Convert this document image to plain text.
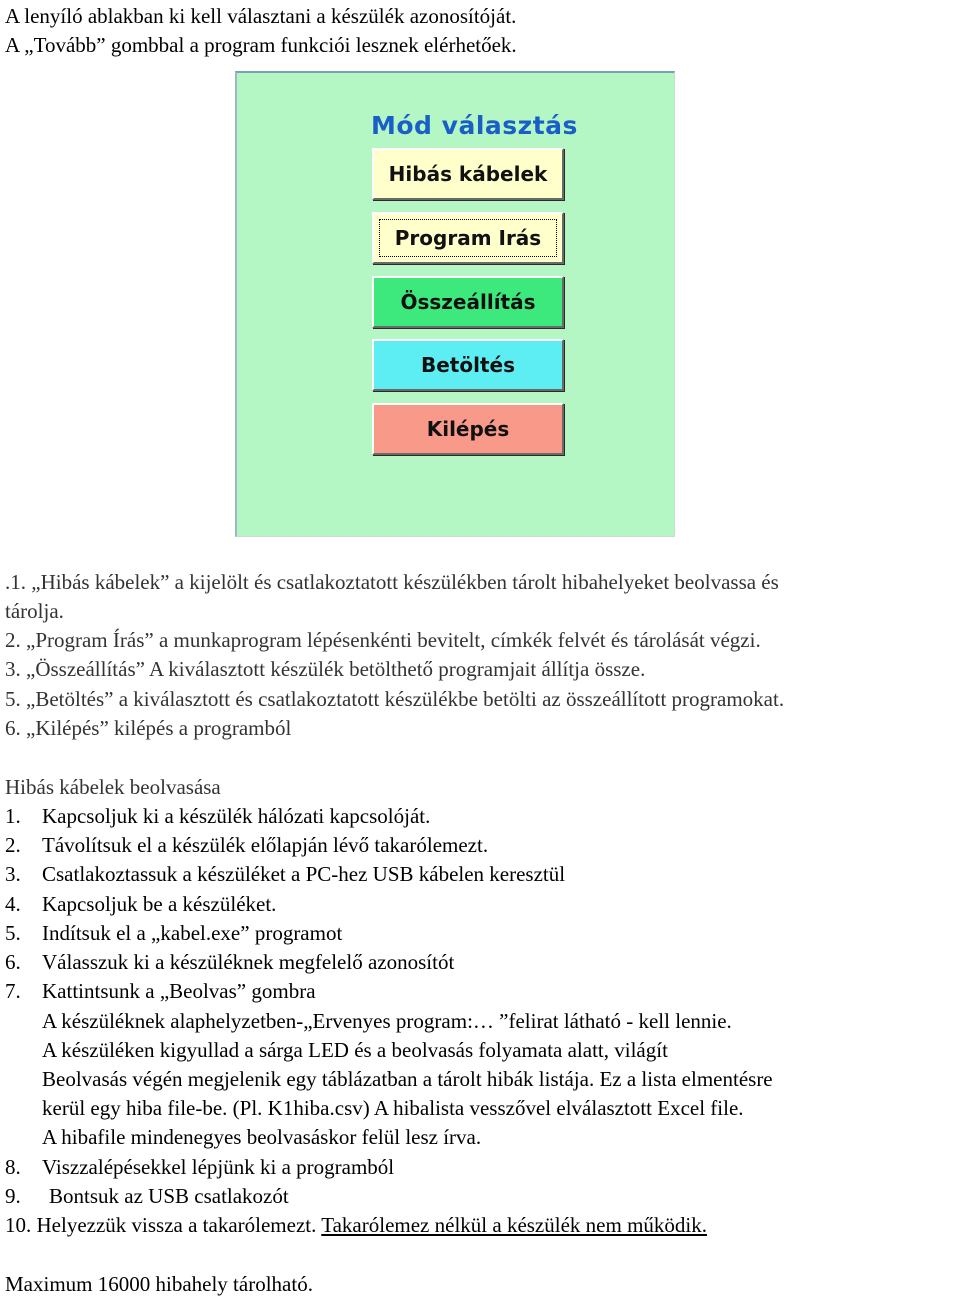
A lenyíló ablakban ki kell választani a készülék azonosítóját.
A „Tovább” gombbal a program funkciói lesznek elérhetőek.
Mód választás
Hibás kábelek
Program Irás
Összeállítás
Betöltés
Kilépés
.1. „Hibás kábelek” a kijelölt és csatlakoztatott készülékben tárolt hibahelyeket beolvassa és
tárolja.
2. „Program Írás” a munkaprogram lépésenkénti bevitelt, címkék felvét és tárolását végzi.
3. „Összeállítás” A kiválasztott készülék betölthető programjait állítja össze.
5. „Betöltés” a kiválasztott és csatlakoztatott készülékbe betölti az összeállított programokat.
6. „Kilépés” kilépés a programból
Hibás kábelek beolvasása
1. Kapcsoljuk ki a készülék hálózati kapcsolóját.
2. Távolítsuk el a készülék előlapján lévő takarólemezt.
3. Csatlakoztassuk a készüléket a PC-hez USB kábelen keresztül
4. Kapcsoljuk be a készüléket.
5. Indítsuk el a „kabel.exe” programot
6. Válasszuk ki a készüléknek megfelelő azonosítót
7. Kattintsunk a „Beolvas” gombra
A készüléknek alaphelyzetben-„Ervenyes program:… ”felirat látható - kell lennie.
A készüléken kigyullad a sárga LED és a beolvasás folyamata alatt, világít
Beolvasás végén megjelenik egy táblázatban a tárolt hibák listája. Ez a lista elmentésre
kerül egy hiba file-be. (Pl. K1hiba.csv) A hibalista vesszővel elválasztott Excel file.
A hibafile mindenegyes beolvasáskor felül lesz írva.
8. Viszzalépésekkel lépjünk ki a programból
9. Bontsuk az USB csatlakozót
10. Helyezzük vissza a takarólemezt. Takarólemez nélkül a készülék nem működik.
Maximum 16000 hibahely tárolható.
